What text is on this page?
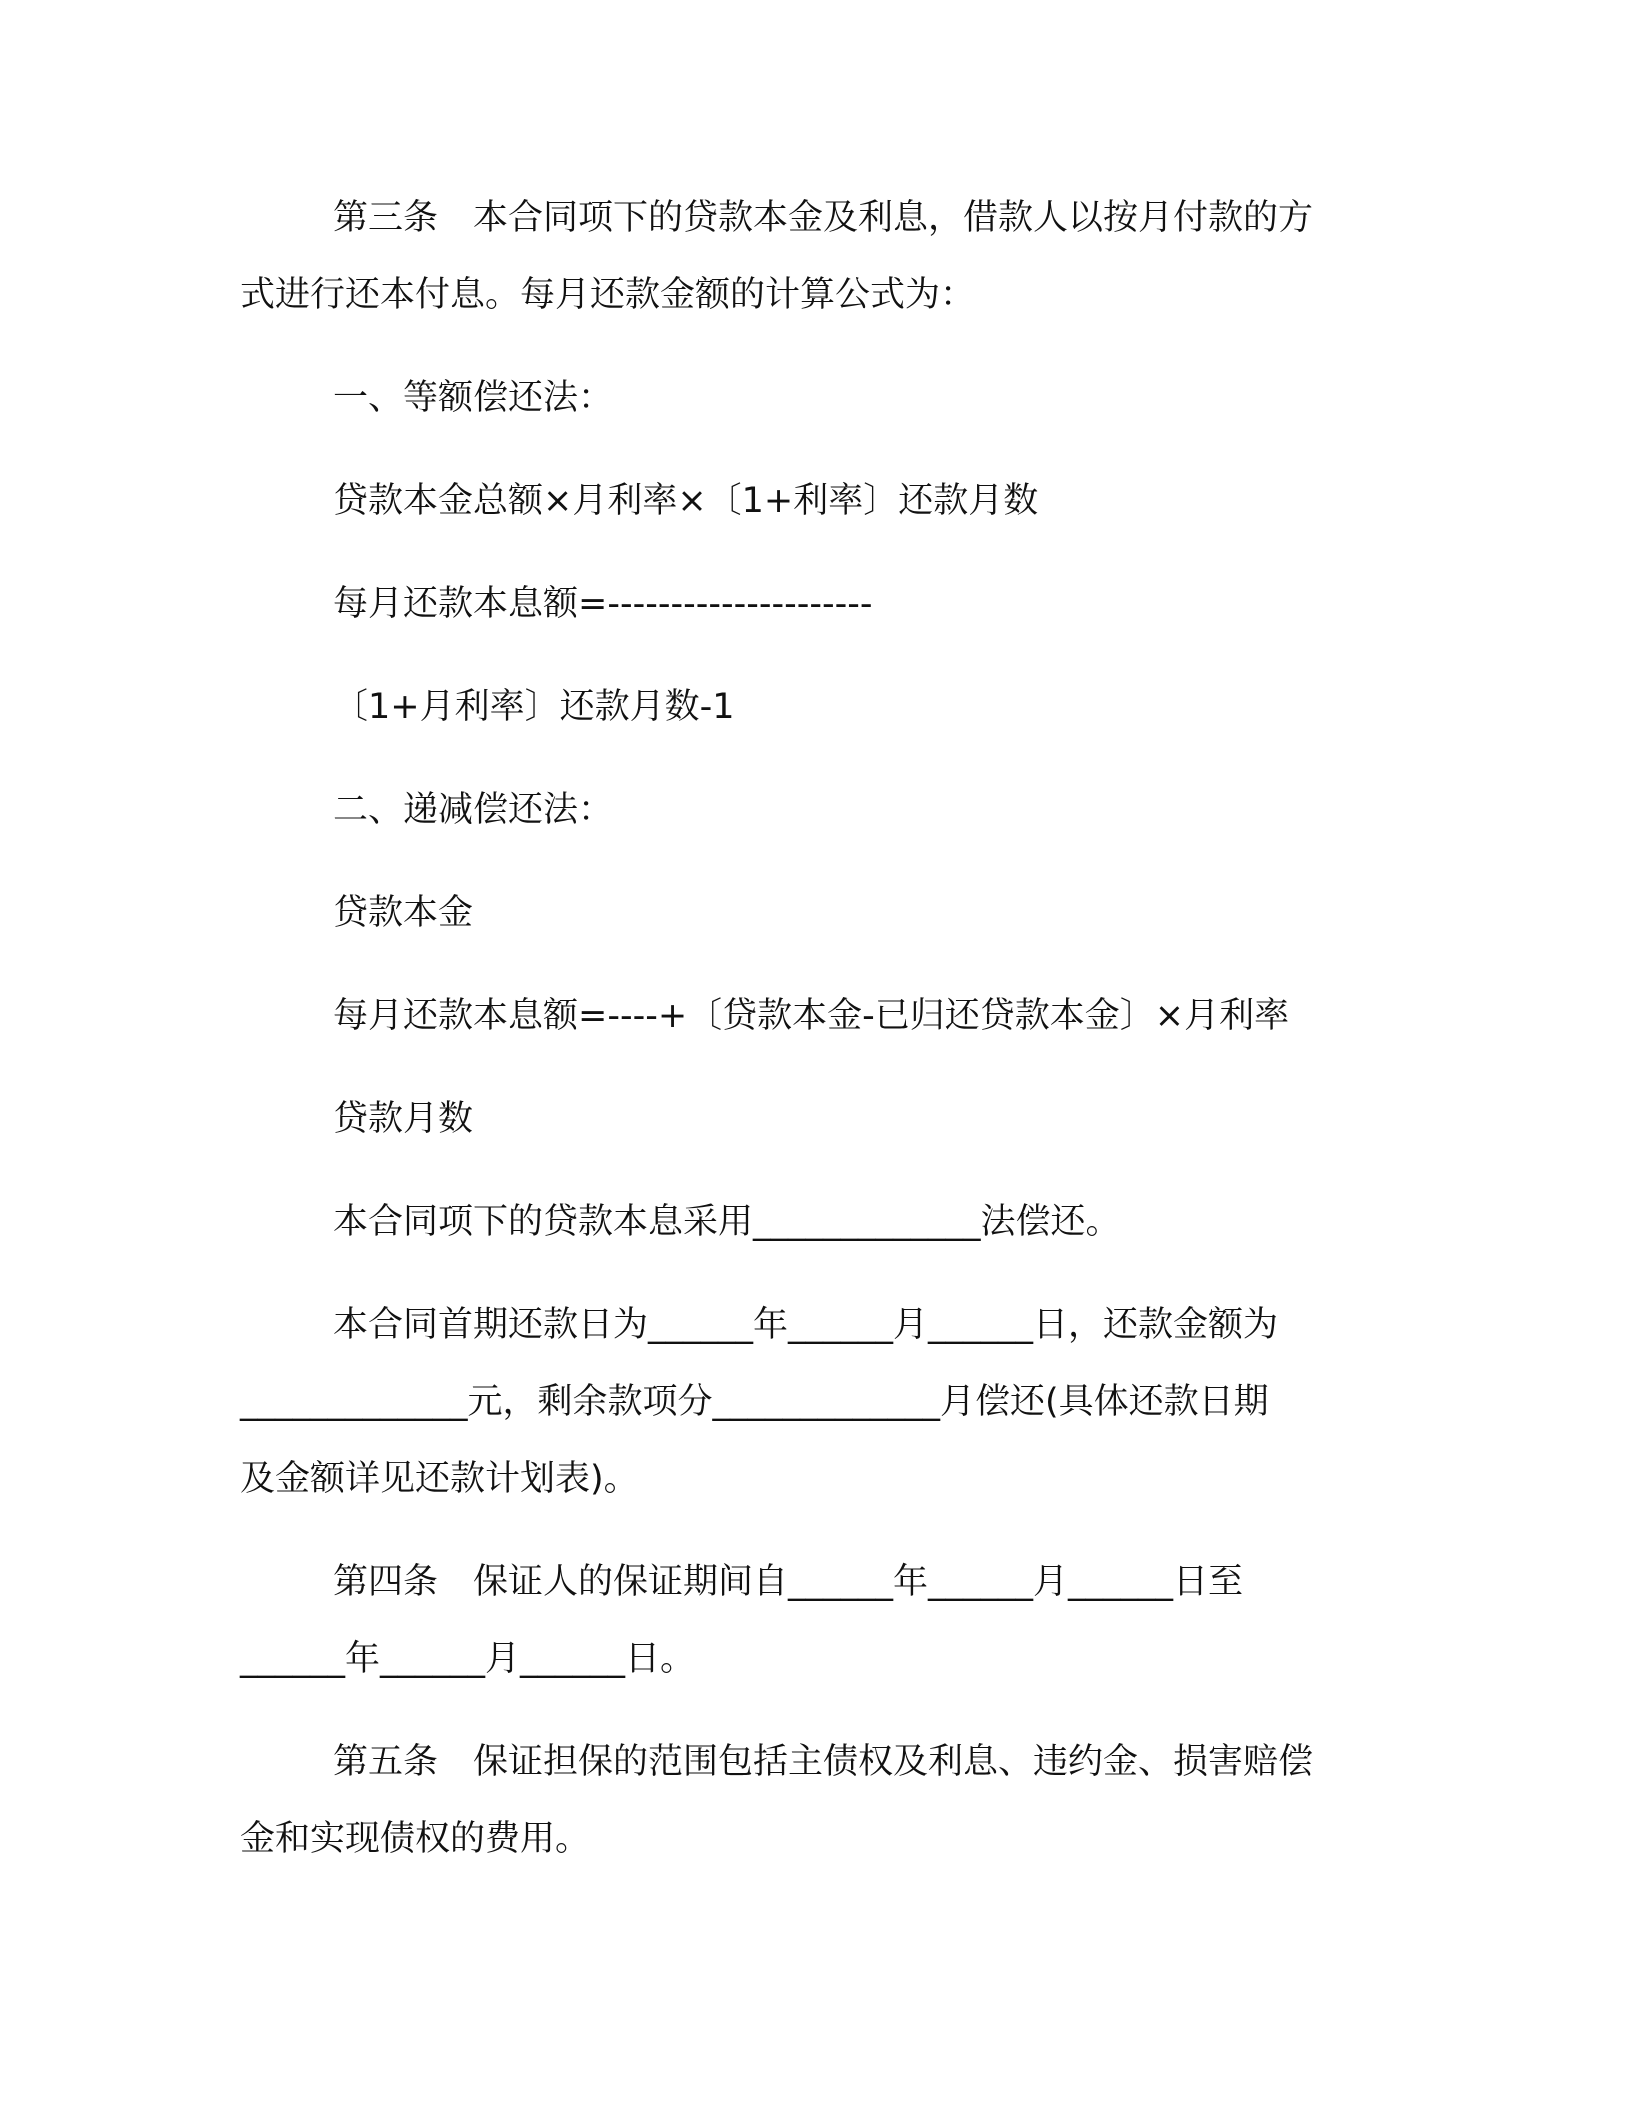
第三条　本合同项下的贷款本金及利息，借款人以按月付款的方
式进行还本付息。每月还款金额的计算公式为：
一、等额偿还法：
贷款本金总额×月利率×〔1+利率〕还款月数
每月还款本息额=---------------------
〔1+月利率〕还款月数-1
二、递减偿还法：
贷款本金
每月还款本息额=----+〔贷款本金-已归还贷款本金〕×月利率
贷款月数
本合同项下的贷款本息采用_____________法偿还。
本合同首期还款日为______年______月______日，还款金额为
_____________元，剩余款项分_____________月偿还(具体还款日期
及金额详见还款计划表)。
第四条　保证人的保证期间自______年______月______日至
______年______月______日。
第五条　保证担保的范围包括主债权及利息、违约金、损害赔偿
金和实现债权的费用。
